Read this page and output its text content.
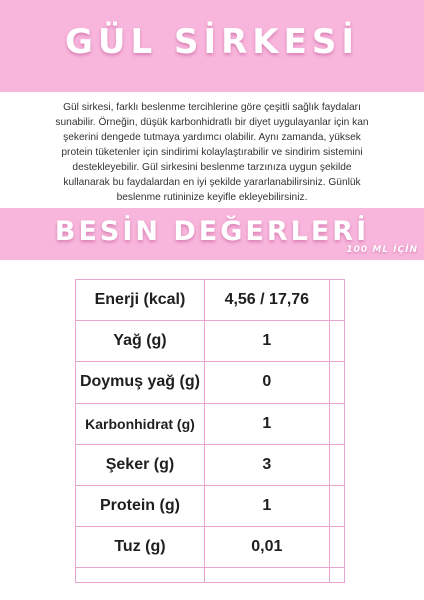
GÜL SİRKESİ
Gül sirkesi, farklı beslenme tercihlerine göre çeşitli sağlık faydaları sunabilir. Örneğin, düşük karbonhidratlı bir diyet uygulayanlar için kan şekerini dengede tutmaya yardımcı olabilir. Aynı zamanda, yüksek protein tüketenler için sindirimi kolaylaştırabilir ve sindirim sistemini destekleyebilir. Gül sirkesini beslenme tarzınıza uygun şekilde kullanarak bu faydalardan en iyi şekilde yararlanabilirsiniz. Günlük beslenme rutininize keyifle ekleyebilirsiniz.
BESİN DEĞERLERİ
100 ML İÇİN
Enerji (kcal)	4,56 / 17,76	
Yağ (g)	1	
Doymuş yağ (g)	0	
Karbonhidrat (g)	1	
Şeker (g)	3	
Protein (g)	1	
Tuz (g)	0,01	
